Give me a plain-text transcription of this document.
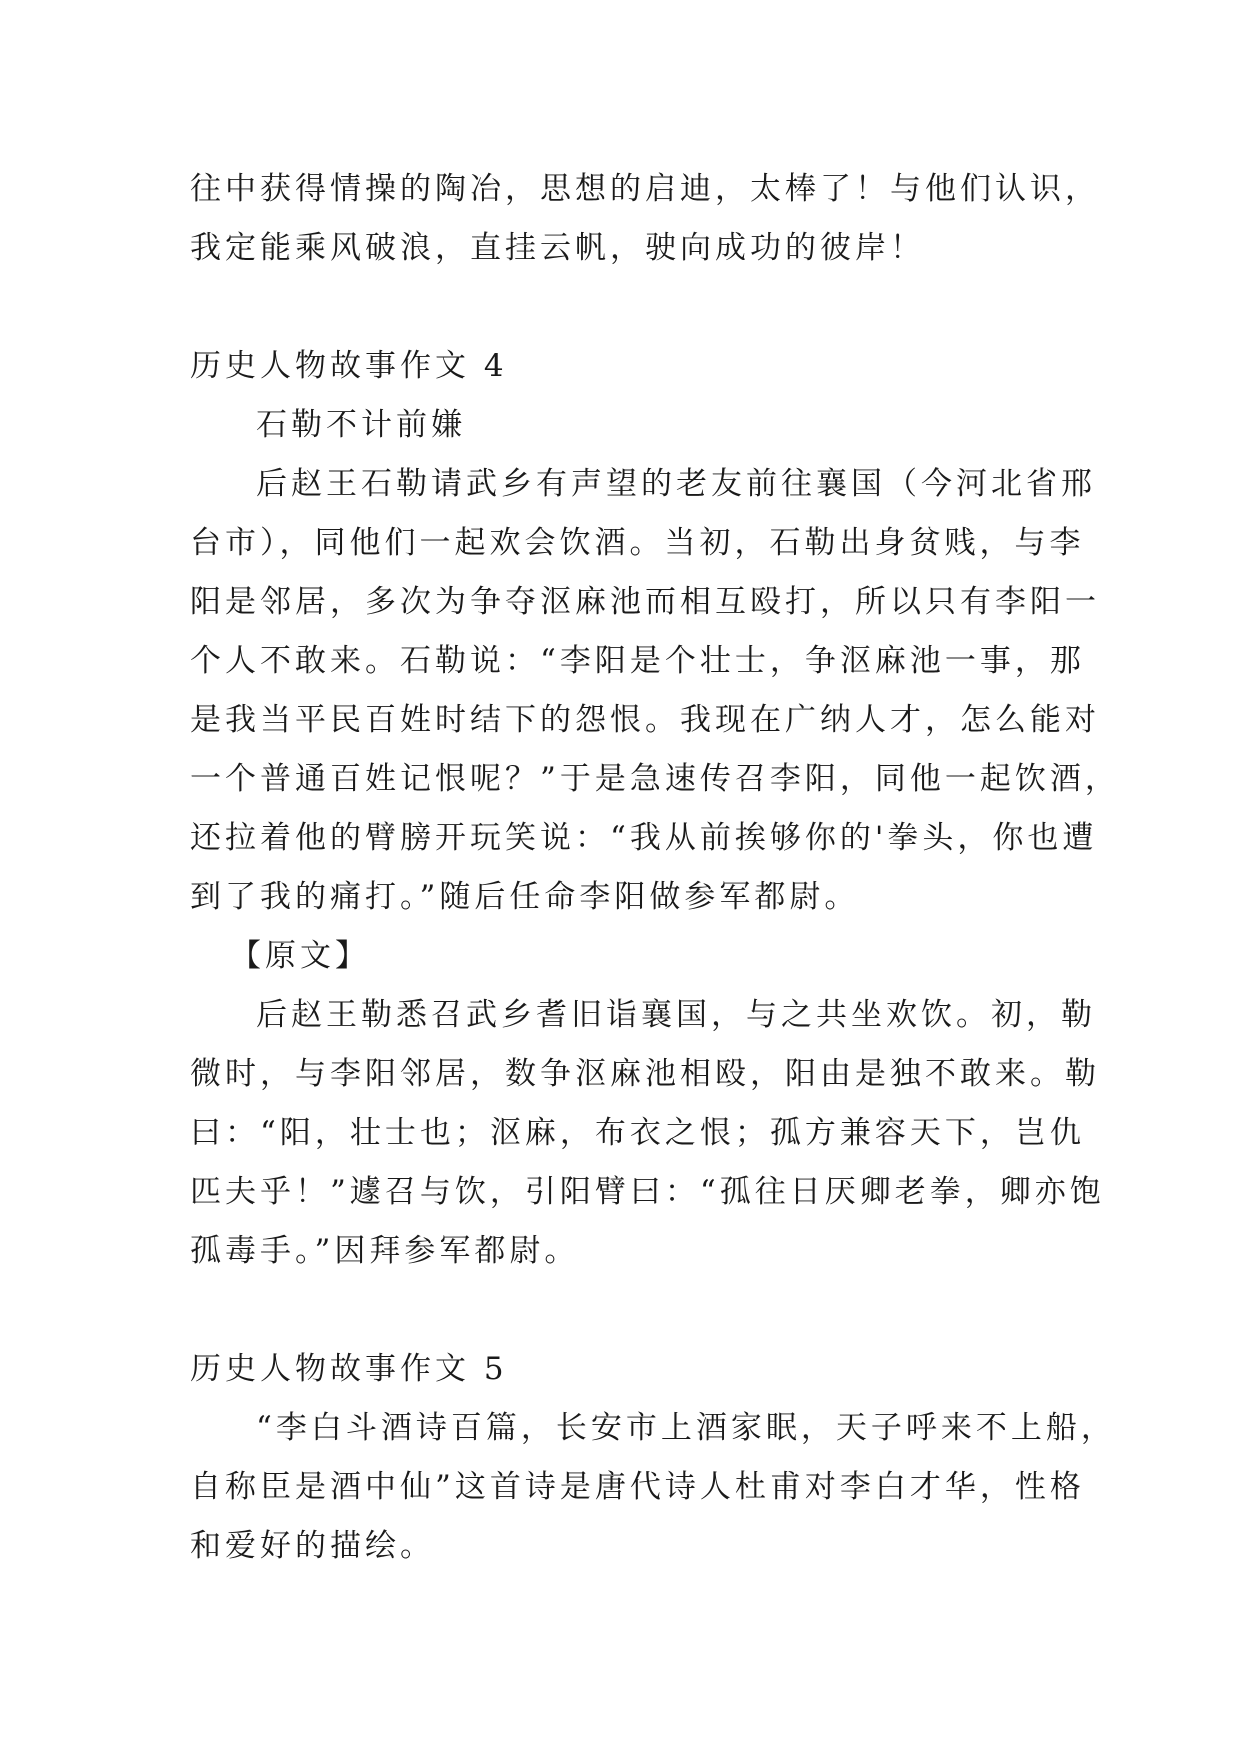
往中获得情操的陶冶，思想的启迪，太棒了！与他们认识，
我定能乘风破浪，直挂云帆，驶向成功的彼岸！
历史人物故事作文 4
石勒不计前嫌
后赵王石勒请武乡有声望的老友前往襄国（今河北省邢
台市），同他们一起欢会饮酒。当初，石勒出身贫贱，与李
阳是邻居，多次为争夺沤麻池而相互殴打，所以只有李阳一
个人不敢来。石勒说：“李阳是个壮士，争沤麻池一事，那
是我当平民百姓时结下的怨恨。我现在广纳人才，怎么能对
一个普通百姓记恨呢？”于是急速传召李阳，同他一起饮酒，
还拉着他的臂膀开玩笑说：“我从前挨够你的'拳头，你也遭
到了我的痛打。”随后任命李阳做参军都尉。
【原文】
后赵王勒悉召武乡耆旧诣襄国，与之共坐欢饮。初，勒
微时，与李阳邻居，数争沤麻池相殴，阳由是独不敢来。勒
曰：“阳，壮士也；沤麻，布衣之恨；孤方兼容天下，岂仇
匹夫乎！”遽召与饮，引阳臂曰：“孤往日厌卿老拳，卿亦饱
孤毒手。”因拜参军都尉。
历史人物故事作文 5
“李白斗酒诗百篇，长安市上酒家眠，天子呼来不上船，
自称臣是酒中仙”这首诗是唐代诗人杜甫对李白才华，性格
和爱好的描绘。
